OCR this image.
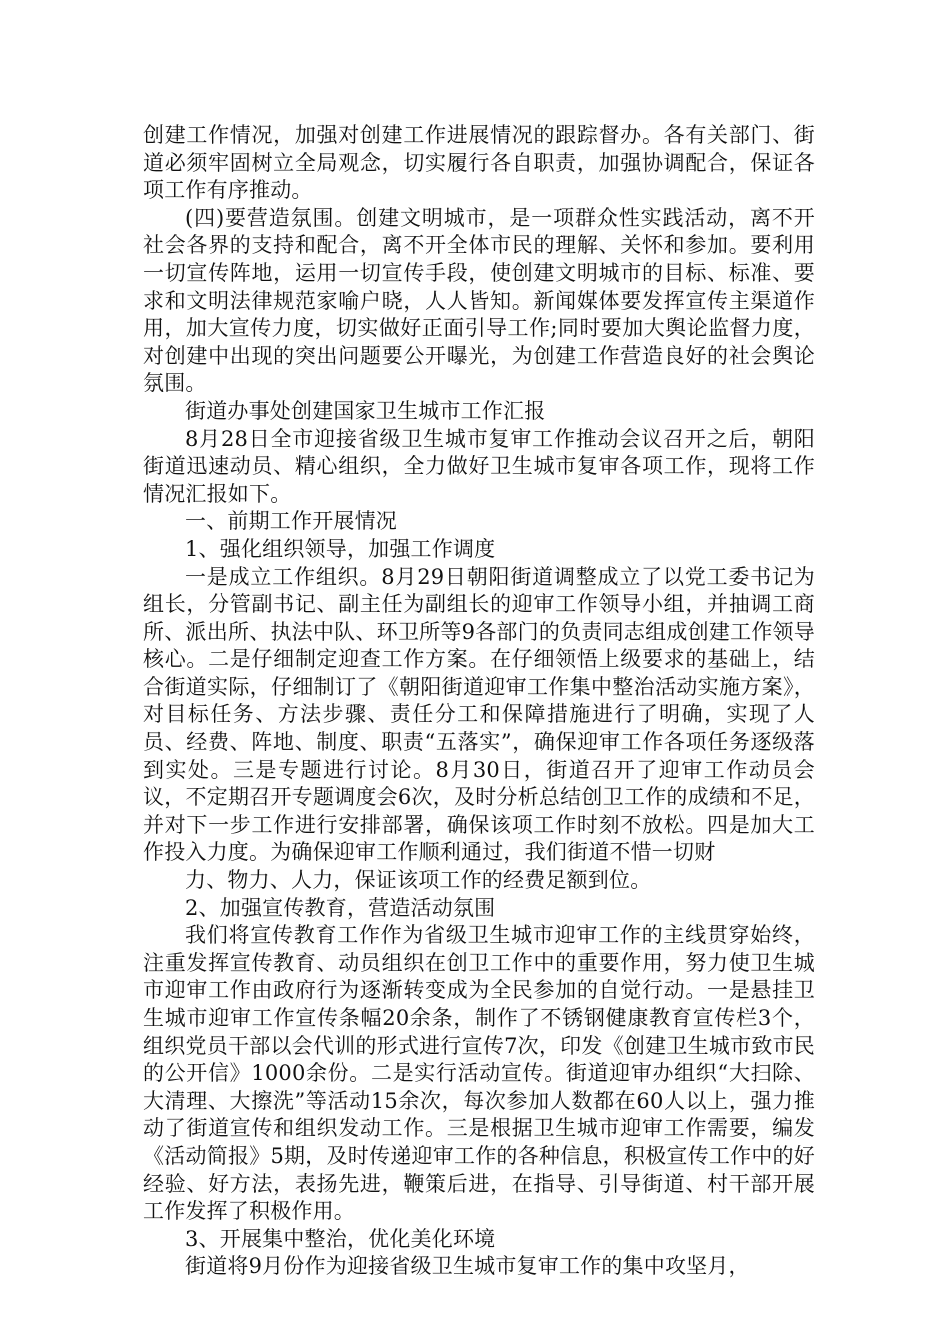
创建工作情况，加强对创建工作进展情况的跟踪督办。各有关部门、街道必须牢固树立全局观念，切实履行各自职责，加强协调配合，保证各项工作有序推动。

(四)要营造氛围。创建文明城市，是一项群众性实践活动，离不开社会各界的支持和配合，离不开全体市民的理解、关怀和参加。要利用一切宣传阵地，运用一切宣传手段，使创建文明城市的目标、标准、要求和文明法律规范家喻户晓，人人皆知。新闻媒体要发挥宣传主渠道作用，加大宣传力度，切实做好正面引导工作;同时要加大舆论监督力度，对创建中出现的突出问题要公开曝光，为创建工作营造良好的社会舆论氛围。

街道办事处创建国家卫生城市工作汇报

8月28日全市迎接省级卫生城市复审工作推动会议召开之后，朝阳街道迅速动员、精心组织，全力做好卫生城市复审各项工作，现将工作情况汇报如下。

一、前期工作开展情况

1、强化组织领导，加强工作调度

一是成立工作组织。8月29日朝阳街道调整成立了以党工委书记为组长，分管副书记、副主任为副组长的迎审工作领导小组，并抽调工商所、派出所、执法中队、环卫所等9各部门的负责同志组成创建工作领导核心。二是仔细制定迎查工作方案。在仔细领悟上级要求的基础上，结合街道实际，仔细制订了《朝阳街道迎审工作集中整治活动实施方案》，对目标任务、方法步骤、责任分工和保障措施进行了明确，实现了人员、经费、阵地、制度、职责“五落实”，确保迎审工作各项任务逐级落到实处。三是专题进行讨论。8月30日，街道召开了迎审工作动员会议，不定期召开专题调度会6次，及时分析总结创卫工作的成绩和不足，并对下一步工作进行安排部署，确保该项工作时刻不放松。四是加大工作投入力度。为确保迎审工作顺利通过，我们街道不惜一切财

力、物力、人力，保证该项工作的经费足额到位。

2、加强宣传教育，营造活动氛围

我们将宣传教育工作作为省级卫生城市迎审工作的主线贯穿始终，注重发挥宣传教育、动员组织在创卫工作中的重要作用，努力使卫生城市迎审工作由政府行为逐渐转变成为全民参加的自觉行动。一是悬挂卫生城市迎审工作宣传条幅20余条，制作了不锈钢健康教育宣传栏3个，组织党员干部以会代训的形式进行宣传7次，印发《创建卫生城市致市民的公开信》1000余份。二是实行活动宣传。街道迎审办组织“大扫除、大清理、大擦洗”等活动15余次，每次参加人数都在60人以上，强力推动了街道宣传和组织发动工作。三是根据卫生城市迎审工作需要，编发《活动简报》5期，及时传递迎审工作的各种信息，积极宣传工作中的好经验、好方法，表扬先进，鞭策后进，在指导、引导街道、村干部开展工作发挥了积极作用。

3、开展集中整治，优化美化环境

街道将9月份作为迎接省级卫生城市复审工作的集中攻坚月，
